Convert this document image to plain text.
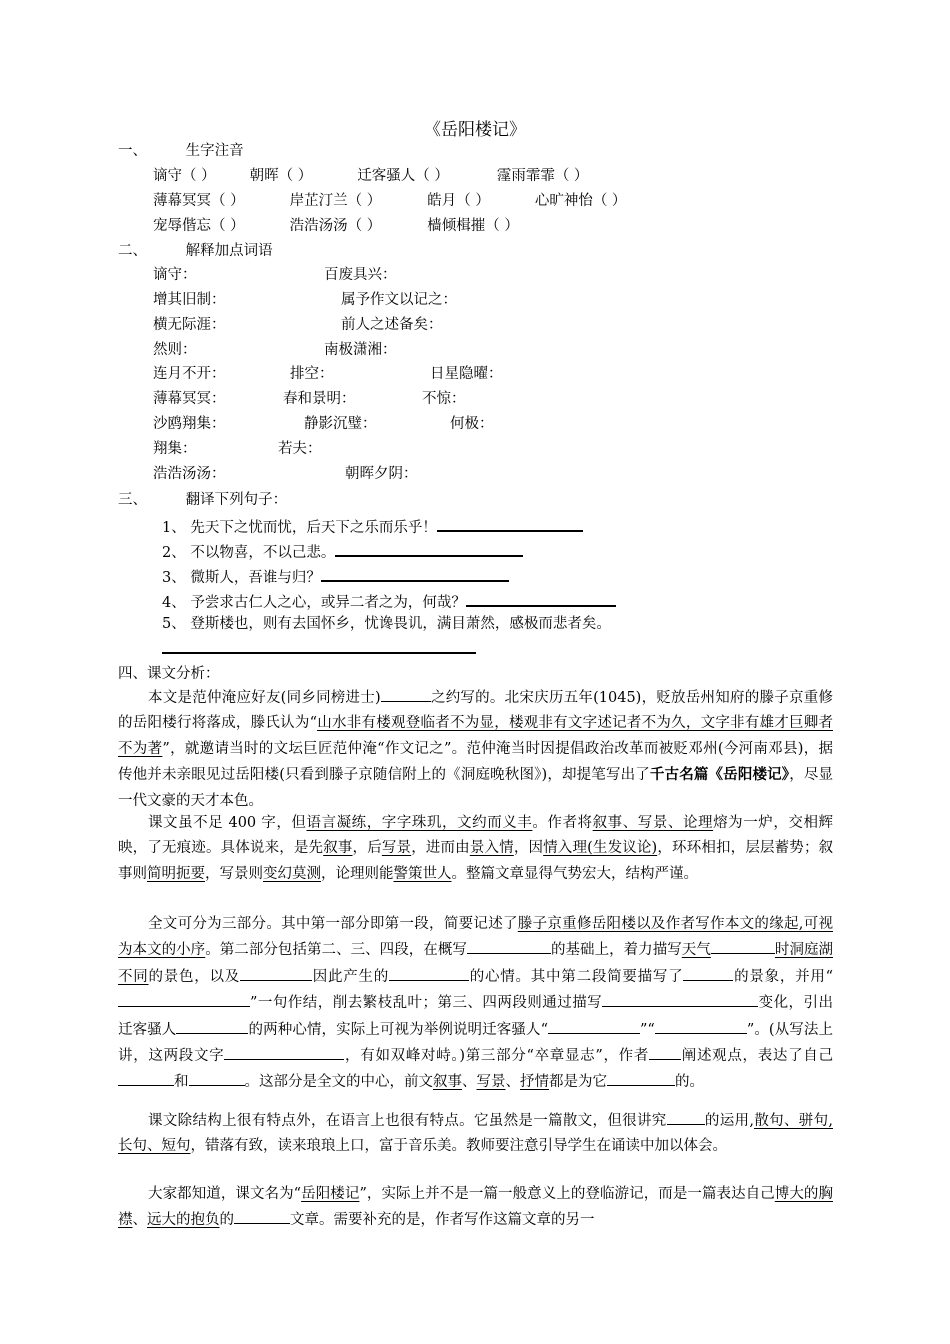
《岳阳楼记》
一、	生字注音
谪守（ ） 朝晖（ ）	迁客骚人（ ）	霪雨霏霏（ ）
薄幕冥冥（ ）	岸芷汀兰（ ）	皓月（ ）	心旷神怡（ ）
宠辱偕忘（ ）	浩浩汤汤（ ）	樯倾楫摧（ ）
二、	解释加点词语
谪守：	百废具兴：
增其旧制：	属予作文以记之：
横无际涯：	前人之述备矣：
然则：	南极潇湘：
连月不开：	排空：	日星隐曜：
薄幕冥冥：	春和景明：	不惊：
沙鸥翔集：	静影沉璧：	何极：
翔集：	若夫：
浩浩汤汤：	朝晖夕阴：
三、	翻译下列句子：
1、 先天下之忧而忧，后天下之乐而乐乎！
2、 不以物喜，不以己悲。
3、 微斯人，吾谁与归？
4、 予尝求古仁人之心，或异二者之为，何哉？
5、 登斯楼也，则有去国怀乡，忧谗畏讥，满目萧然，感极而悲者矣。
四、课文分析：
本文是范仲淹应好友(同乡同榜进士)	之约写的。北宋庆历五年(1045)，贬放岳州知府的滕子京重修的岳阳楼行将落成，滕氏认为“山水非有楼观登临者不为显，楼观非有文字述记者不为久，文字非有雄才巨卿者不为著”，就邀请当时的文坛巨匠范仲淹“作文记之”。范仲淹当时因提倡政治改革而被贬邓州(今河南邓县)，据传他并未亲眼见过岳阳楼(只看到滕子京随信附上的《洞庭晚秋图》)，却提笔写出了千古名篇《岳阳楼记》，尽显一代文豪的天才本色。
课文虽不足 400 字，但语言凝练，字字珠玑，文约而义丰。作者将叙事、写景、论理熔为一炉，交相辉映，了无痕迹。具体说来，是先叙事，后写景，进而由景入情，因情入理(生发议论)，环环相扣，层层蓄势；叙事则简明扼要，写景则变幻莫测，论理则能警策世人。整篇文章显得气势宏大，结构严谨。
全文可分为三部分。其中第一部分即第一段，简要记述了滕子京重修岳阳楼以及作者写作本文的缘起,可视为本文的小序。第二部分包括第二、三、四段，在概写	的基础上，着力描写天气	时洞庭湖不同的景色，以及	因此产生的	的心情。其中第二段简要描写了	的景象，并用“”一句作结，削去繁枝乱叶；第三、四两段则通过描写	变化，引出迁客骚人	的两种心情，实际上可视为举例说明迁客骚人“	”“	”。(从写法上讲，这两段文字	，有如双峰对峙。)第三部分“卒章显志”，作者 阐述观点，表达了自己和	。这部分是全文的中心，前文叙事、写景、抒情都是为它	的。
课文除结构上很有特点外，在语言上也很有特点。它虽然是一篇散文，但很讲究	的运用,散句、骈句,长句、短句，错落有致，读来琅琅上口，富于音乐美。教师要注意引导学生在诵读中加以体会。
大家都知道，课文名为“岳阳楼记”，实际上并不是一篇一般意义上的登临游记，而是一篇表达自己博大的胸襟、远大的抱负的	文章。需要补充的是，作者写作这篇文章的另一
